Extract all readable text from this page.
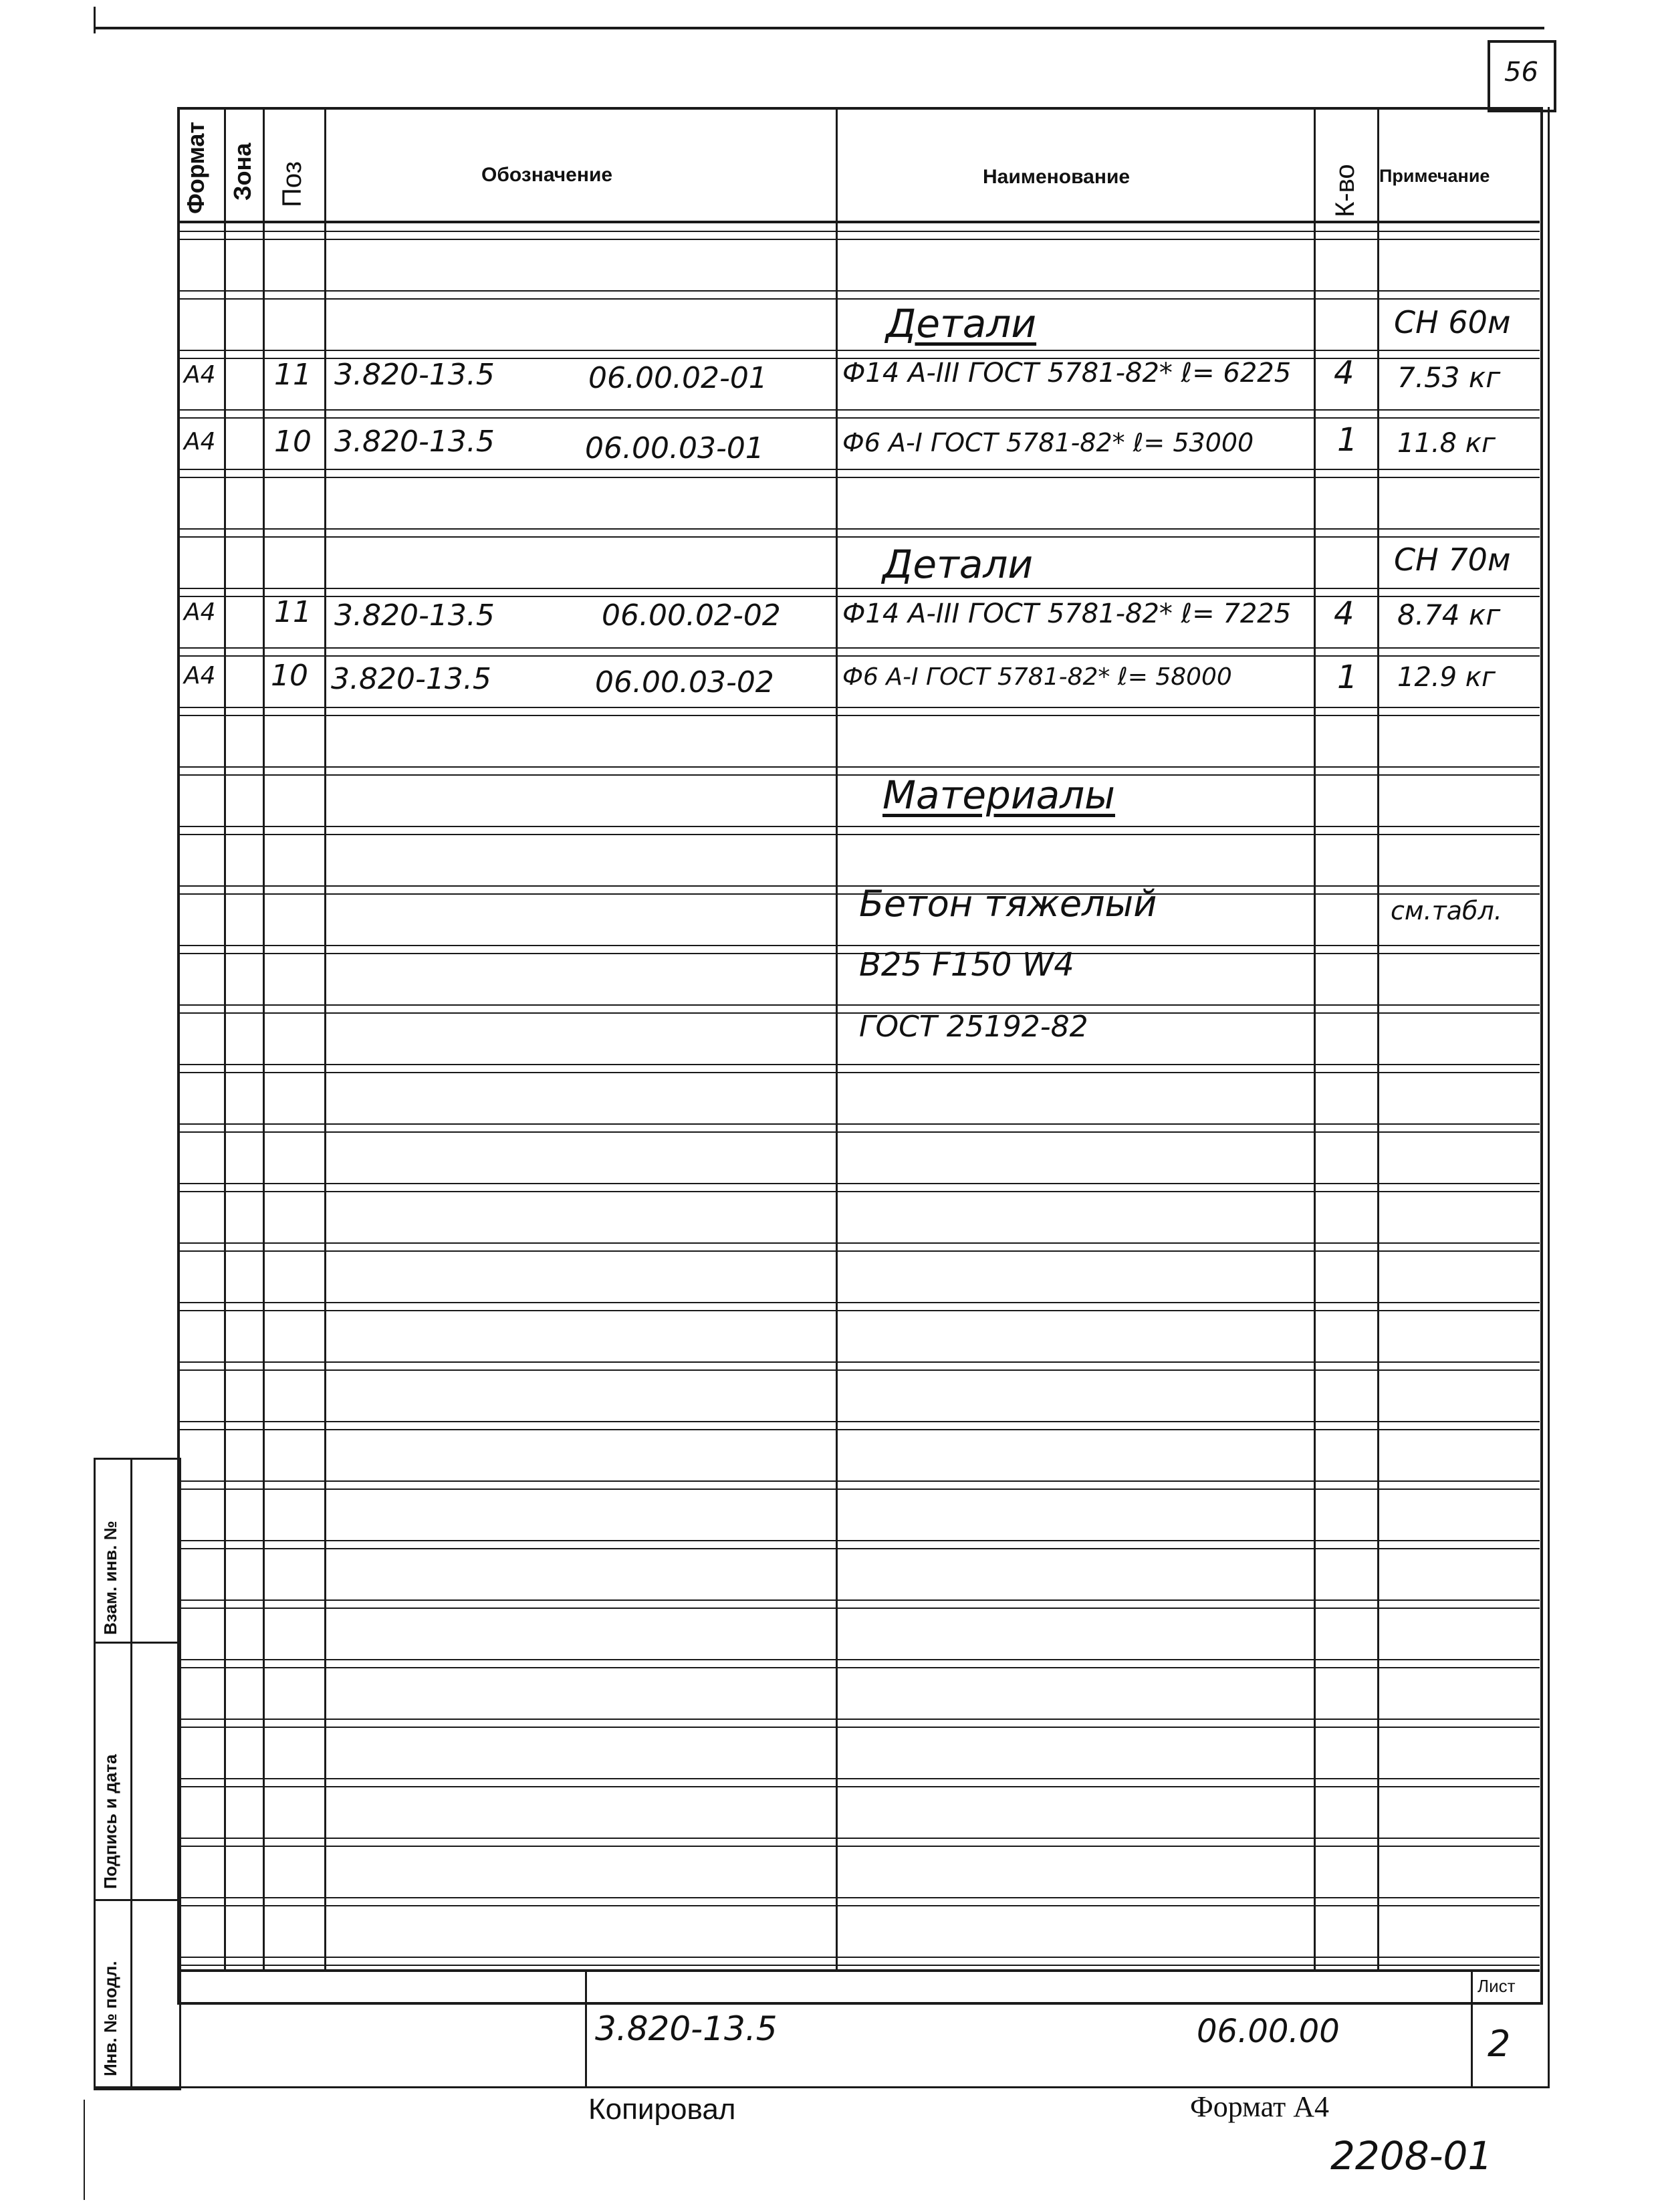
56
Формат Зона Поз	Обозначение	Наименование	К-во Примечание
Детали	СН 60м
А4 11 3.820-13.5	06.00.02-01	Ф14 А-III ГОСТ 5781-82* ℓ= 6225 4 7.53 кг
А4 10 3.820-13.5	06.00.03-01	Ф6 А-I ГОСТ 5781-82* ℓ= 53000	1 11.8 кг
Детали	СН 70м
А4 11 3.820-13.5	06.00.02-02 Ф14 А-III ГОСТ 5781-82* ℓ= 7225 4 8.74 кг
А4 10 3.820-13.5	06.00.03-02	Ф6 А-I ГОСТ 5781-82* ℓ= 58000	1 12.9 кг
Материалы
Бетон тяжелый	см.табл.
В25 F150 W4
ГОСТ 25192-82
Инв. № подл.
Подпись и дата
Взам. инв. №
3.820-13.5	06.00.00
Лист
2
Копировал	Формат А4
2208-01
